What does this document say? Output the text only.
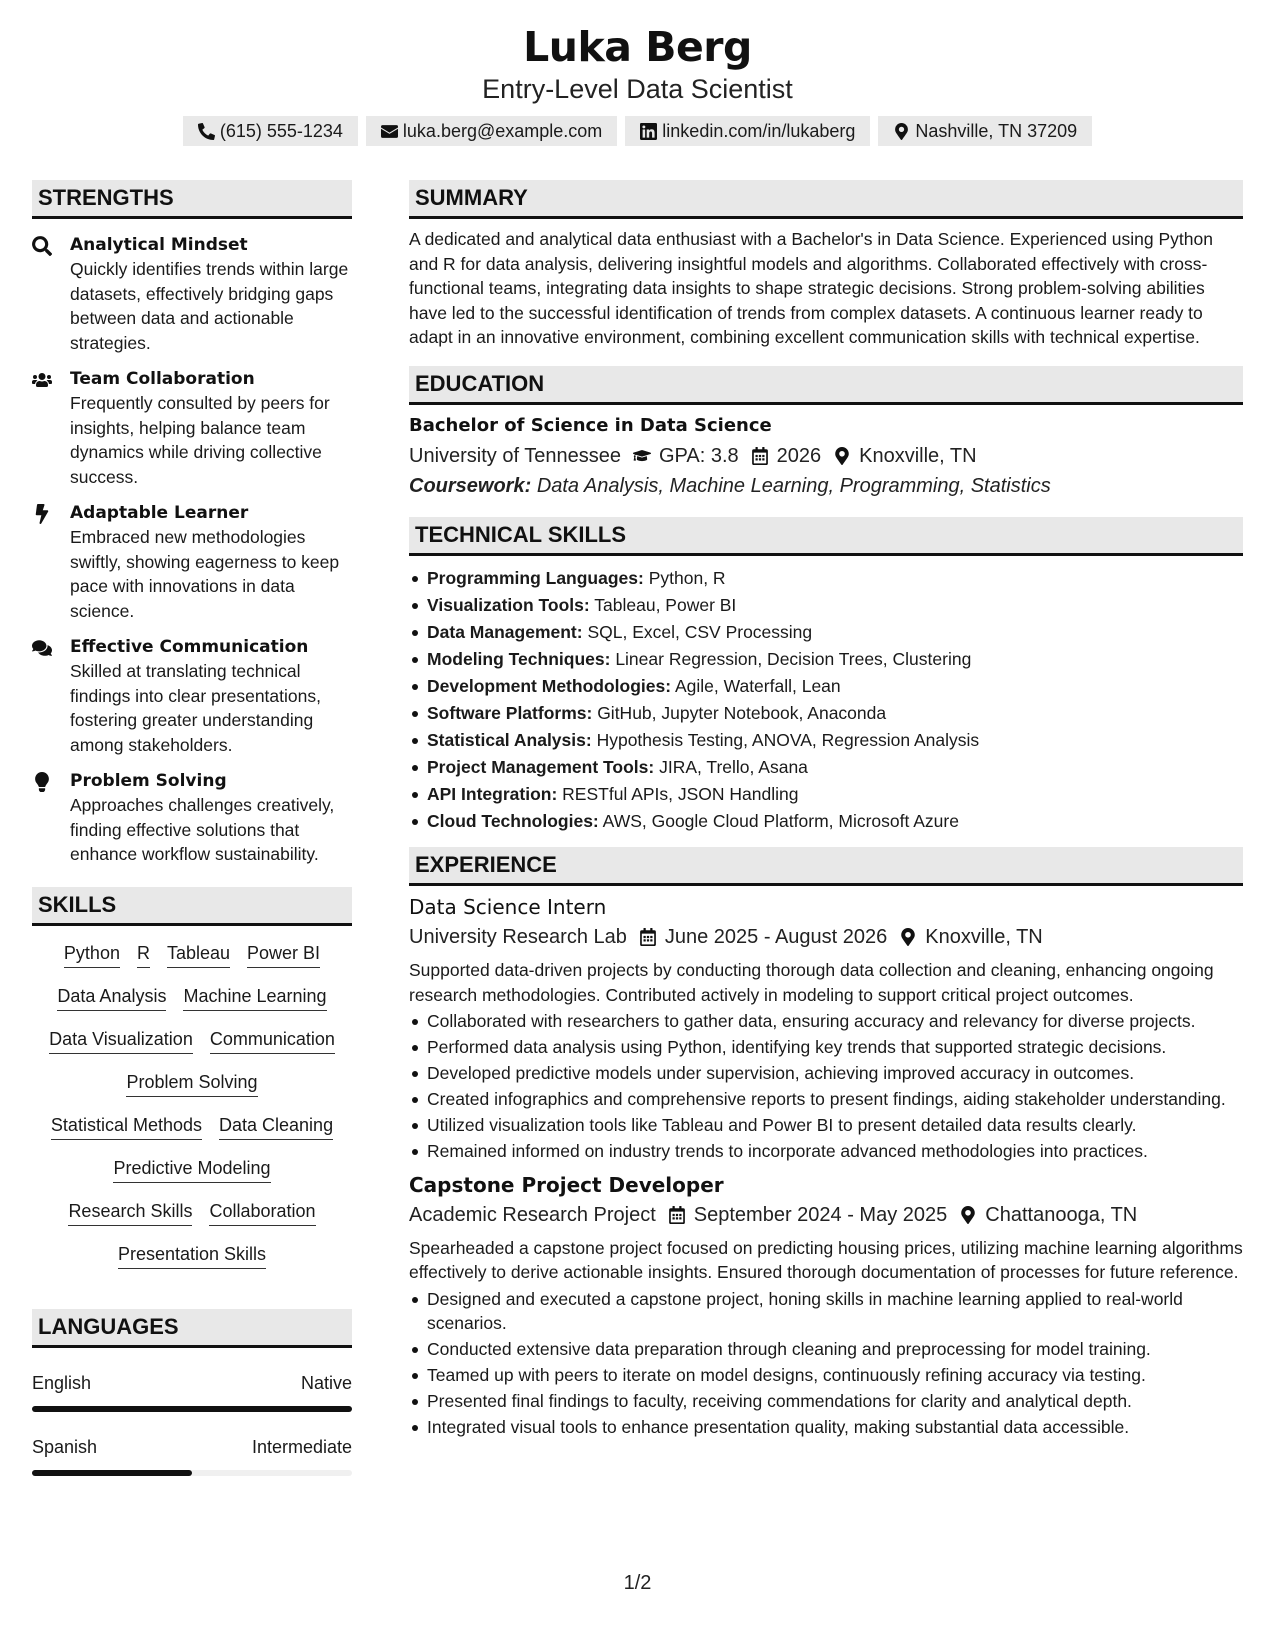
Luka Berg
Entry-Level Data Scientist
(615) 555-1234	luka.berg@example.com	linkedin.com/in/lukaberg	Nashville, TN 37209
STRENGTHS
Analytical Mindset
Quickly identifies trends within large datasets, effectively bridging gaps between data and actionable strategies.
Team Collaboration
Frequently consulted by peers for insights, helping balance team dynamics while driving collective success.
Adaptable Learner
Embraced new methodologies swiftly, showing eagerness to keep pace with innovations in data science.
Effective Communication
Skilled at translating technical findings into clear presentations, fostering greater understanding among stakeholders.
Problem Solving
Approaches challenges creatively, finding effective solutions that enhance workflow sustainability.
SKILLS
Python R Tableau Power BI
Data Analysis Machine Learning
Data Visualization Communication
Problem Solving
Statistical Methods Data Cleaning
Predictive Modeling
Research Skills Collaboration
Presentation Skills
LANGUAGES
English	Native
Spanish	Intermediate
SUMMARY
A dedicated and analytical data enthusiast with a Bachelor's in Data Science. Experienced using Python and R for data analysis, delivering insightful models and algorithms. Collaborated effectively with cross-functional teams, integrating data insights to shape strategic decisions. Strong problem-solving abilities have led to the successful identification of trends from complex datasets. A continuous learner ready to adapt in an innovative environment, combining excellent communication skills with technical expertise.
EDUCATION
Bachelor of Science in Data Science
University of Tennessee GPA: 3.8 2026 Knoxville, TN
Coursework: Data Analysis, Machine Learning, Programming, Statistics
TECHNICAL SKILLS
Programming Languages: Python, R
Visualization Tools: Tableau, Power BI
Data Management: SQL, Excel, CSV Processing
Modeling Techniques: Linear Regression, Decision Trees, Clustering
Development Methodologies: Agile, Waterfall, Lean
Software Platforms: GitHub, Jupyter Notebook, Anaconda
Statistical Analysis: Hypothesis Testing, ANOVA, Regression Analysis
Project Management Tools: JIRA, Trello, Asana
API Integration: RESTful APIs, JSON Handling
Cloud Technologies: AWS, Google Cloud Platform, Microsoft Azure
EXPERIENCE
Data Science Intern
University Research Lab June 2025 - August 2026 Knoxville, TN
Supported data-driven projects by conducting thorough data collection and cleaning, enhancing ongoing research methodologies. Contributed actively in modeling to support critical project outcomes.
Collaborated with researchers to gather data, ensuring accuracy and relevancy for diverse projects.
Performed data analysis using Python, identifying key trends that supported strategic decisions.
Developed predictive models under supervision, achieving improved accuracy in outcomes.
Created infographics and comprehensive reports to present findings, aiding stakeholder understanding.
Utilized visualization tools like Tableau and Power BI to present detailed data results clearly.
Remained informed on industry trends to incorporate advanced methodologies into practices.
Capstone Project Developer
Academic Research Project September 2024 - May 2025 Chattanooga, TN
Spearheaded a capstone project focused on predicting housing prices, utilizing machine learning algorithms effectively to derive actionable insights. Ensured thorough documentation of processes for future reference.
Designed and executed a capstone project, honing skills in machine learning applied to real-world scenarios.
Conducted extensive data preparation through cleaning and preprocessing for model training.
Teamed up with peers to iterate on model designs, continuously refining accuracy via testing.
Presented final findings to faculty, receiving commendations for clarity and analytical depth.
Integrated visual tools to enhance presentation quality, making substantial data accessible.
1/2
